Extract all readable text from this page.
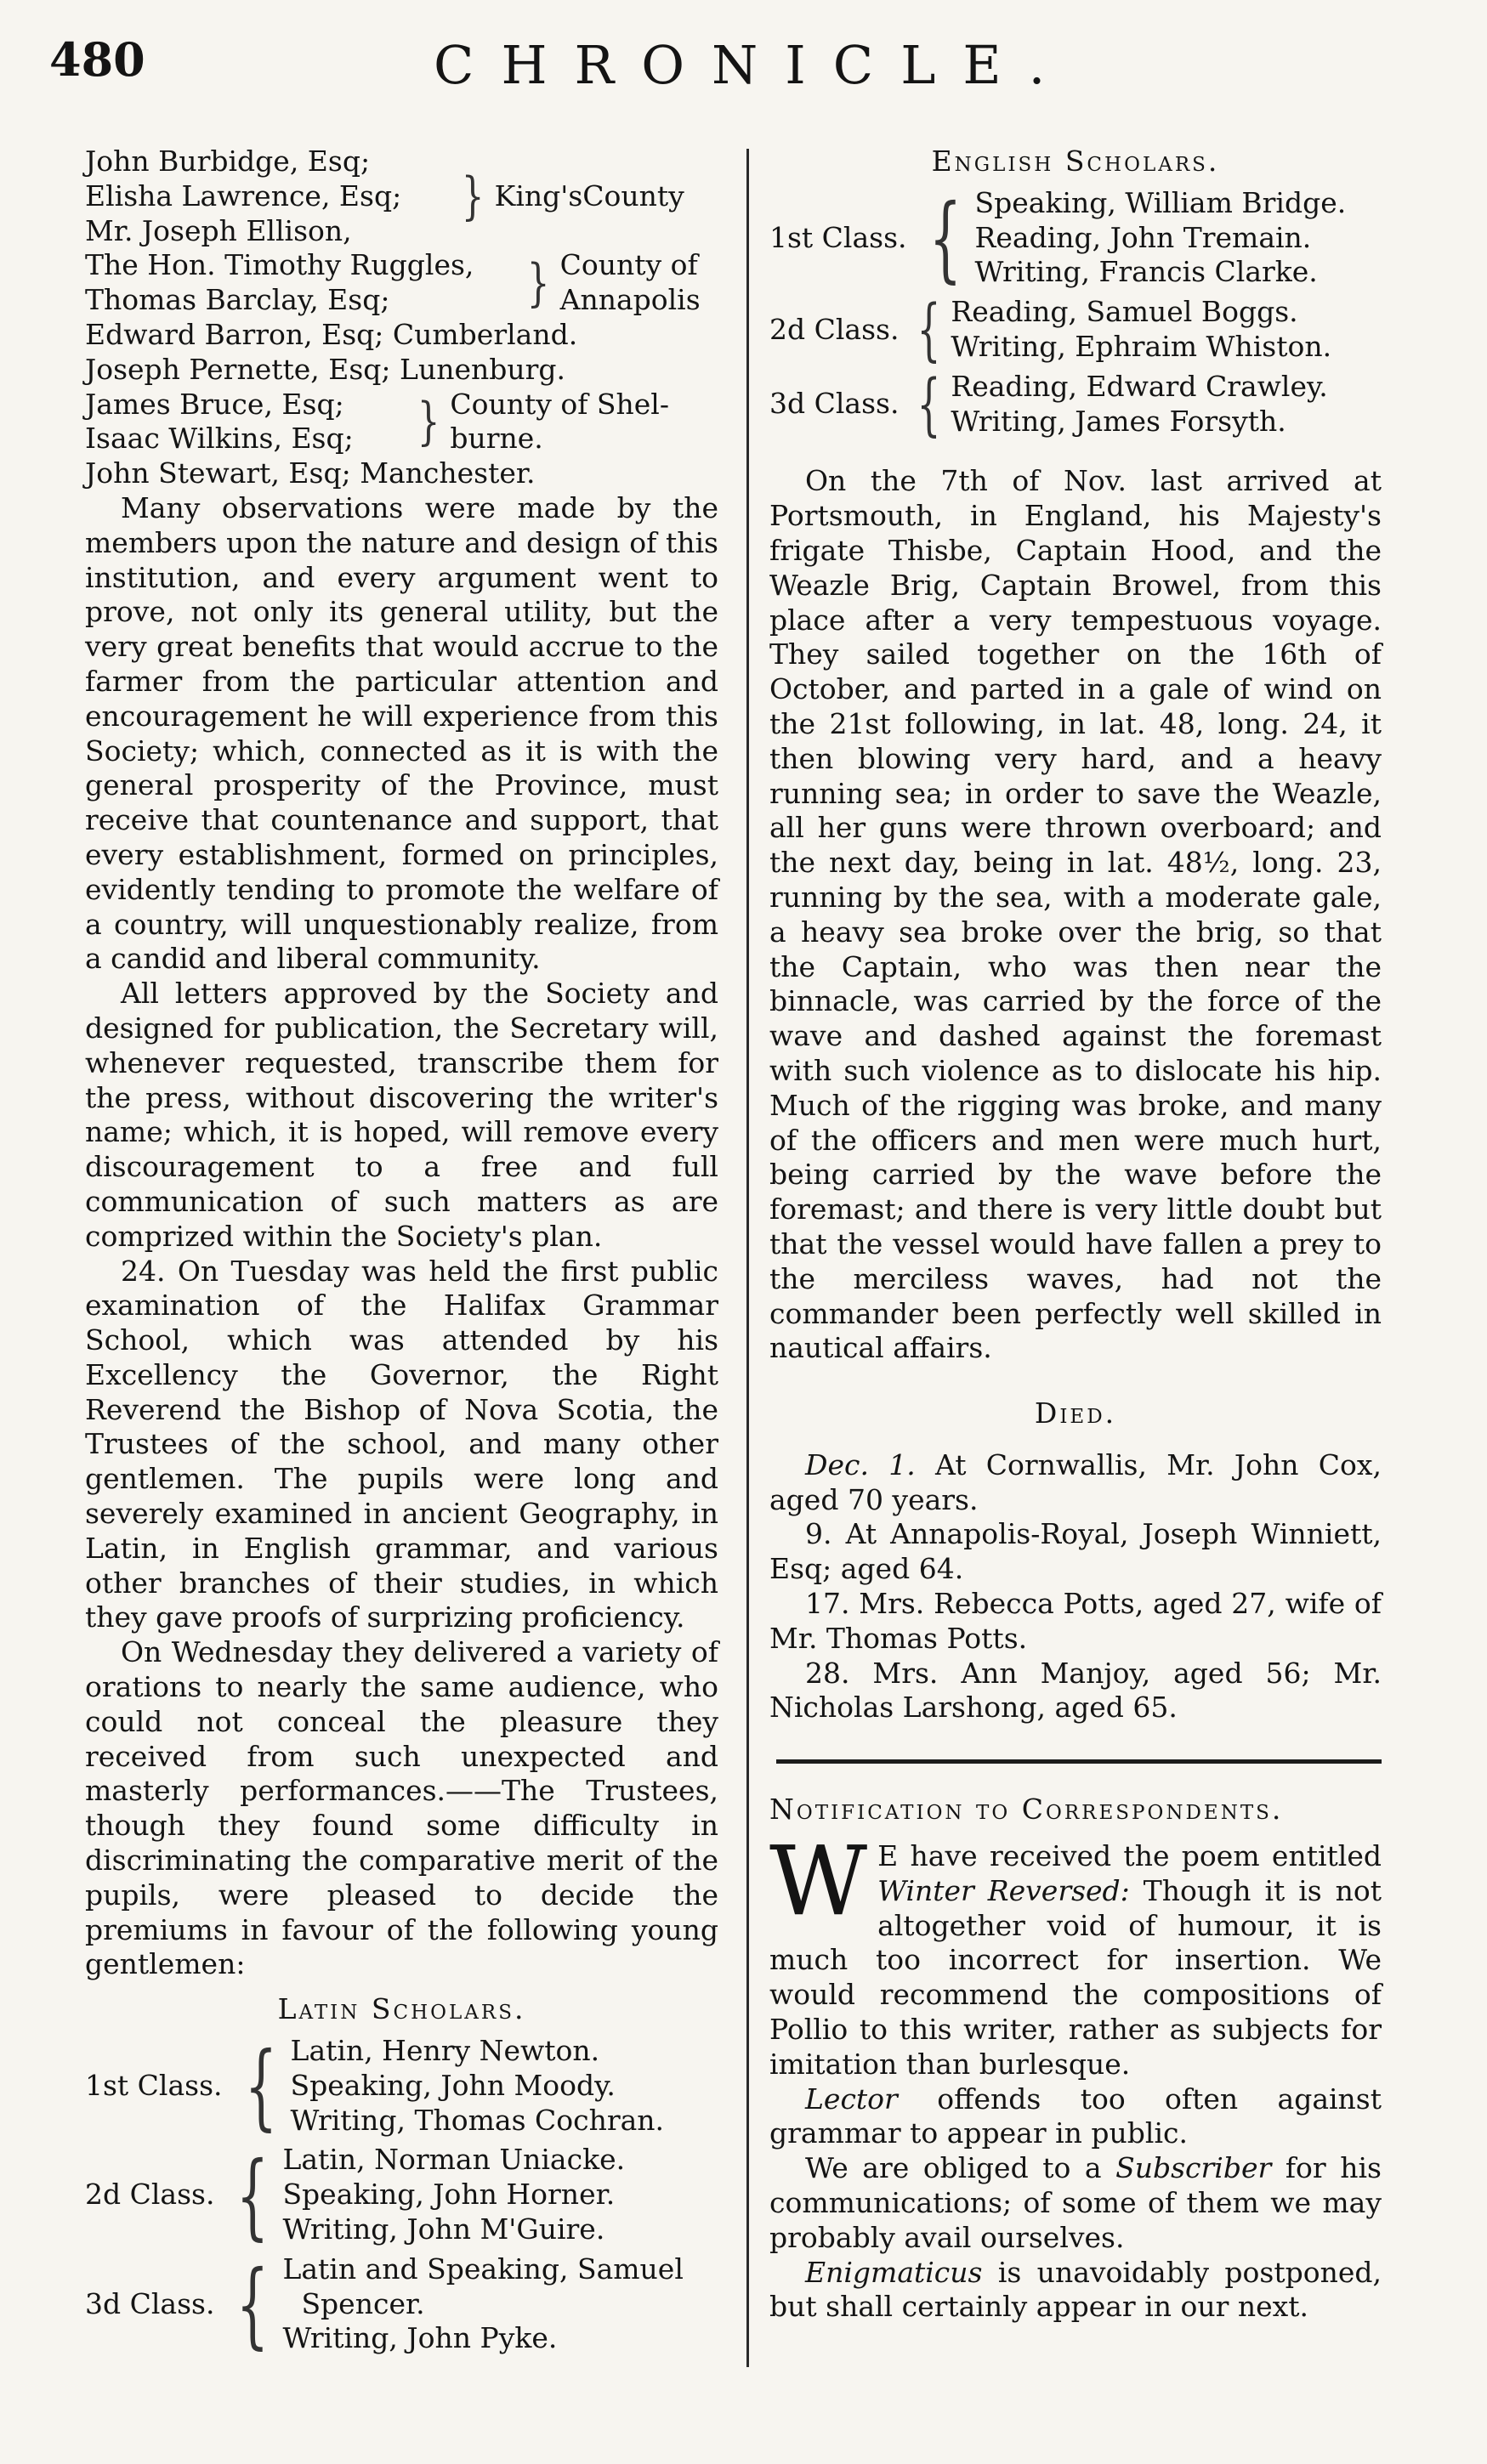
480	CHRONICLE.
John Burbidge, Esq;	}	King'sCounty
Elisha Lawrence, Esq;
Mr. Joseph Ellison,
The Hon. Timothy Ruggles,	}	County of
Thomas Barclay, Esq;		Annapolis
Edward Barron, Esq; Cumberland.
Joseph Pernette, Esq; Lunenburg.
James Bruce, Esq;	}	County of Shel-
Isaac Wilkins, Esq;		burne.
John Stewart, Esq; Manchester.

Many observations were made by the members upon the nature and design of this institution, and every argument went to prove, not only its general utility, but the very great benefits that would accrue to the farmer from the particular attention and encouragement he will experience from this Society; which, connected as it is with the general prosperity of the Province, must receive that countenance and support, that every establishment, formed on principles, evidently tending to promote the welfare of a country, will unquestionably realize, from a candid and liberal community.

All letters approved by the Society and designed for publication, the Secretary will, whenever requested, transcribe them for the press, without discovering the writer's name; which, it is hoped, will remove every discouragement to a free and full communication of such matters as are comprized within the Society's plan.

24. On Tuesday was held the first public examination of the Halifax Grammar School, which was attended by his Excellency the Governor, the Right Reverend the Bishop of Nova Scotia, the Trustees of the school, and many other gentlemen. The pupils were long and severely examined in ancient Geography, in Latin, in English grammar, and various other branches of their studies, in which they gave proofs of surprizing proficiency.

On Wednesday they delivered a variety of orations to nearly the same audience, who could not conceal the pleasure they received from such unexpected and masterly performances.——The Trustees, though they found some difficulty in discriminating the comparative merit of the pupils, were pleased to decide the premiums in favour of the following young gentlemen:

Latin Scholars.
1st Class.	{	Latin, Henry Newton.
Speaking, John Moody.
Writing, Thomas Cochran.
2d Class.	{	Latin, Norman Uniacke.
Speaking, John Horner.
Writing, John M'Guire.
3d Class.	{	Latin and Speaking, Samuel
Spencer.
Writing, John Pyke.
English Scholars.
1st Class.	{	Speaking, William Bridge.
Reading, John Tremain.
Writing, Francis Clarke.
2d Class.	{	Reading, Samuel Boggs.
Writing, Ephraim Whiston.
3d Class.	{	Reading, Edward Crawley.
Writing, James Forsyth.

On the 7th of Nov. last arrived at Portsmouth, in England, his Majesty's frigate Thisbe, Captain Hood, and the Weazle Brig, Captain Browel, from this place after a very tempestuous voyage. They sailed together on the 16th of October, and parted in a gale of wind on the 21st following, in lat. 48, long. 24, it then blowing very hard, and a heavy running sea; in order to save the Weazle, all her guns were thrown overboard; and the next day, being in lat. 48½, long. 23, running by the sea, with a moderate gale, a heavy sea broke over the brig, so that the Captain, who was then near the binnacle, was carried by the force of the wave and dashed against the foremast with such violence as to dislocate his hip. Much of the rigging was broke, and many of the officers and men were much hurt, being carried by the wave before the foremast; and there is very little doubt but that the vessel would have fallen a prey to the merciless waves, had not the commander been perfectly well skilled in nautical affairs.

Died.

Dec. 1. At Cornwallis, Mr. John Cox, aged 70 years.

9. At Annapolis-Royal, Joseph Winniett, Esq; aged 64.

17. Mrs. Rebecca Potts, aged 27, wife of Mr. Thomas Potts.

28. Mrs. Ann Manjoy, aged 56; Mr. Nicholas Larshong, aged 65.

Notification to Correspondents.

W E have received the poem entitled Winter Reversed: Though it is not altogether void of humour, it is much too incorrect for insertion. We would recommend the compositions of Pollio to this writer, rather as subjects for imitation than burlesque.

Lector offends too often against grammar to appear in public.

We are obliged to a Subscriber for his communications; of some of them we may probably avail ourselves.

Enigmaticus is unavoidably postponed, but shall certainly appear in our next.
